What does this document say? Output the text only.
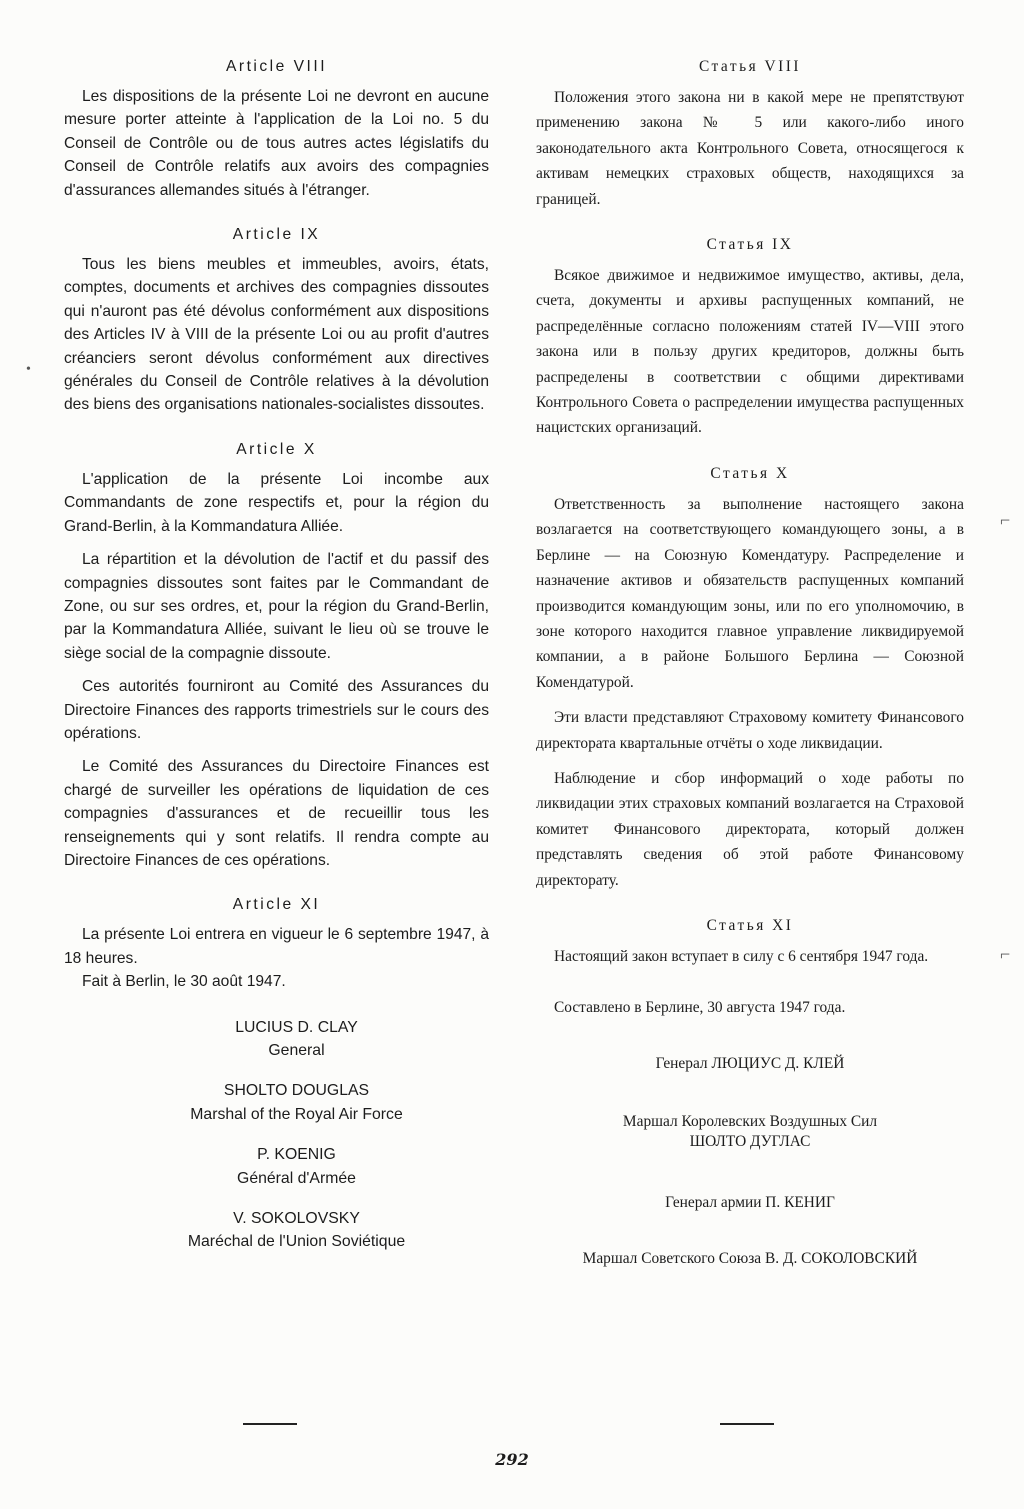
Article VIII

Les dispositions de la présente Loi ne devront en aucune mesure porter atteinte à l'application de la Loi no. 5 du Conseil de Contrôle ou de tous autres actes législatifs du Conseil de Contrôle relatifs aux avoirs des compagnies d'assurances allemandes situés à l'étranger.

Article IX

Tous les biens meubles et immeubles, avoirs, états, comptes, documents et archives des compagnies dissoutes qui n'auront pas été dévolus conformément aux dispositions des Articles IV à VIII de la présente Loi ou au profit d'autres créanciers seront dévolus conformément aux directives générales du Conseil de Contrôle relatives à la dévolution des biens des organisations nationales-socialistes dissoutes.

Article X

L'application de la présente Loi incombe aux Commandants de zone respectifs et, pour la région du Grand-Berlin, à la Kommandatura Alliée.

La répartition et la dévolution de l'actif et du passif des compagnies dissoutes sont faites par le Commandant de Zone, ou sur ses ordres, et, pour la région du Grand-Berlin, par la Kommandatura Alliée, suivant le lieu où se trouve le siège social de la compagnie dissoute.

Ces autorités fourniront au Comité des Assurances du Directoire Finances des rapports trimestriels sur le cours des opérations.

Le Comité des Assurances du Directoire Finances est chargé de surveiller les opérations de liquidation de ces compagnies d'assurances et de recueillir tous les renseignements qui y sont relatifs. Il rendra compte au Directoire Finances de ces opérations.

Article XI

La présente Loi entrera en vigueur le 6 septembre 1947, à 18 heures.

Fait à Berlin, le 30 août 1947.

LUCIUS D. CLAY

General

SHOLTO DOUGLAS

Marshal of the Royal Air Force

P. KOENIG

Général d'Armée

V. SOKOLOVSKY

Maréchal de l'Union Soviétique

Статья VIII

Положения этого закона ни в какой мере не препятствуют применению закона № 5 или какого-либо иного законодательного акта Контрольного Совета, относящегося к активам немецких страховых обществ, находящихся за границей.

Статья IX

Всякое движимое и недвижимое имущество, активы, дела, счета, документы и архивы распущенных компаний, не распределённые согласно положениям статей IV—VIII этого закона или в пользу других кредиторов, должны быть распределены в соответствии с общими директивами Контрольного Совета о распределении имущества распущенных нацистских организаций.

Статья X

Ответственность за выполнение настоящего закона возлагается на соответствующего командующего зоны, а в Берлине — на Союзную Комендатуру. Распределение и назначение активов и обязательств распущенных компаний производится командующим зоны, или по его уполномочию, в зоне которого находится главное управление ликвидируемой компании, а в районе Большого Берлина — Союзной Комендатурой.

Эти власти представляют Страховому комитету Финансового директората квартальные отчёты о ходе ликвидации.

Наблюдение и сбор информаций о ходе работы по ликвидации этих страховых компаний возлагается на Страховой комитет Финансового директората, который должен представлять сведения об этой работе Финансовому директорату.

Статья XI

Настоящий закон вступает в силу с 6 сентября 1947 года.

Составлено в Берлине, 30 августа 1947 года.

Генерал ЛЮЦИУС Д. КЛЕЙ

Маршал Королевских Воздушных Сил

ШОЛТО ДУГЛАС

Генерал армии П. КЕНИГ

Маршал Советского Союза В. Д. СОКОЛОВСКИЙ

292
•
⌐
⌐
